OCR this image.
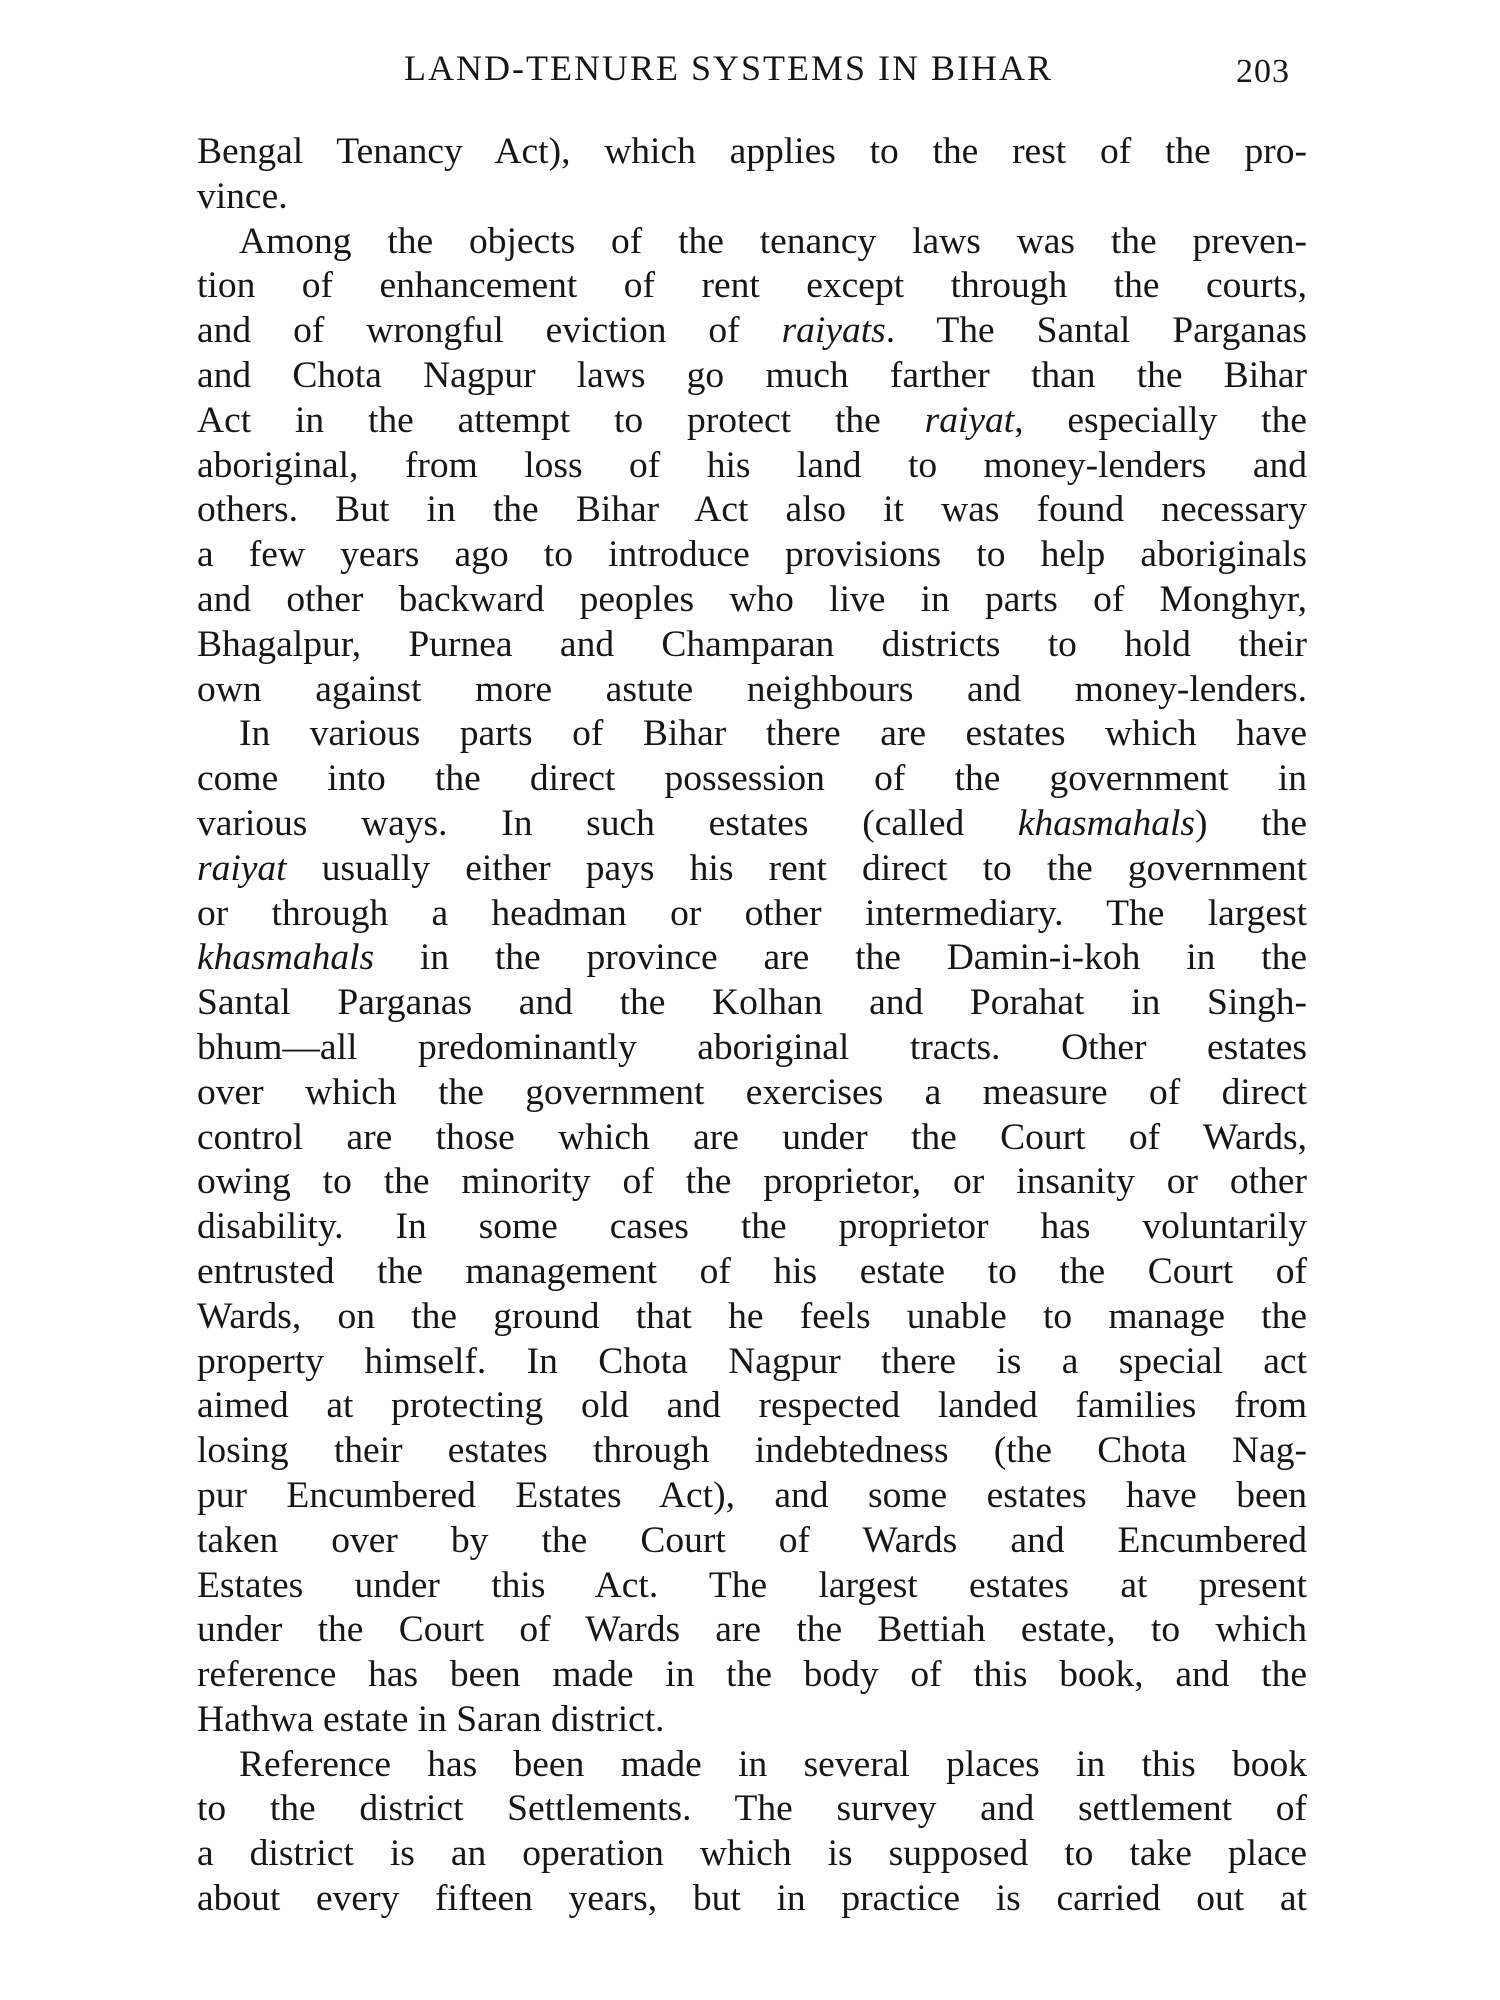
LAND-TENURE SYSTEMS IN BIHAR	203
Bengal Tenancy Act), which applies to the rest of the pro-
vince.
Among the objects of the tenancy laws was the preven-
tion of enhancement of rent except through the courts,
and of wrongful eviction of raiyats. The Santal Parganas
and Chota Nagpur laws go much farther than the Bihar
Act in the attempt to protect the raiyat, especially the
aboriginal, from loss of his land to money-lenders and
others. But in the Bihar Act also it was found necessary
a few years ago to introduce provisions to help aboriginals
and other backward peoples who live in parts of Monghyr,
Bhagalpur, Purnea and Champaran districts to hold their
own against more astute neighbours and money-lenders.
In various parts of Bihar there are estates which have
come into the direct possession of the government in
various ways. In such estates (called khasmahals) the
raiyat usually either pays his rent direct to the government
or through a headman or other intermediary. The largest
khasmahals in the province are the Damin-i-koh in the
Santal Parganas and the Kolhan and Porahat in Singh-
bhum—all predominantly aboriginal tracts. Other estates
over which the government exercises a measure of direct
control are those which are under the Court of Wards,
owing to the minority of the proprietor, or insanity or other
disability. In some cases the proprietor has voluntarily
entrusted the management of his estate to the Court of
Wards, on the ground that he feels unable to manage the
property himself. In Chota Nagpur there is a special act
aimed at protecting old and respected landed families from
losing their estates through indebtedness (the Chota Nag-
pur Encumbered Estates Act), and some estates have been
taken over by the Court of Wards and Encumbered
Estates under this Act. The largest estates at present
under the Court of Wards are the Bettiah estate, to which
reference has been made in the body of this book, and the
Hathwa estate in Saran district.
Reference has been made in several places in this book
to the district Settlements. The survey and settlement of
a district is an operation which is supposed to take place
about every fifteen years, but in practice is carried out at
